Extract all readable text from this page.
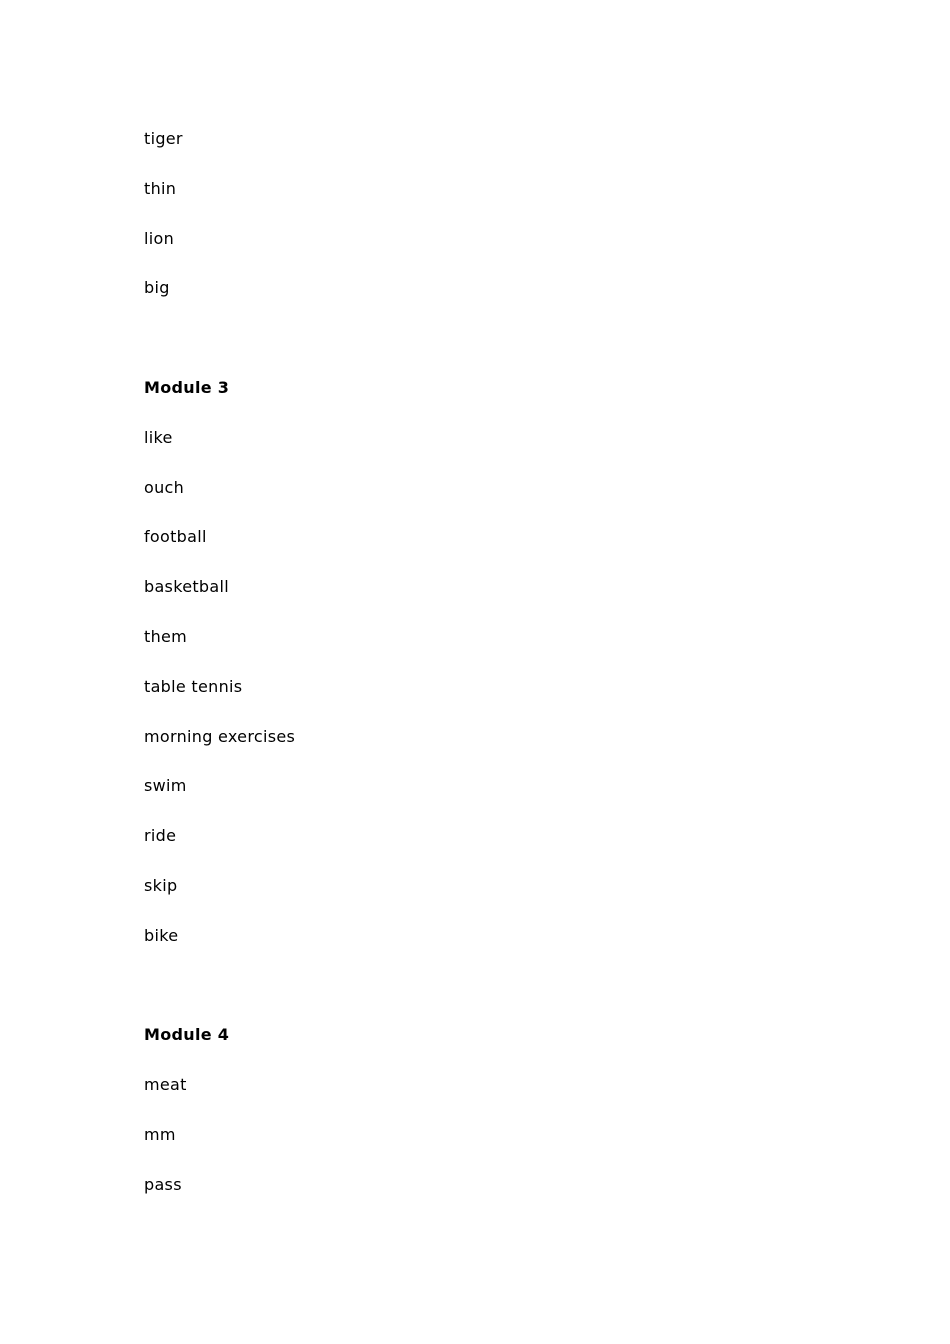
tiger
thin
lion
big
Module 3
like
ouch
football
basketball
them
table tennis
morning exercises
swim
ride
skip
bike
Module 4
meat
mm
pass
